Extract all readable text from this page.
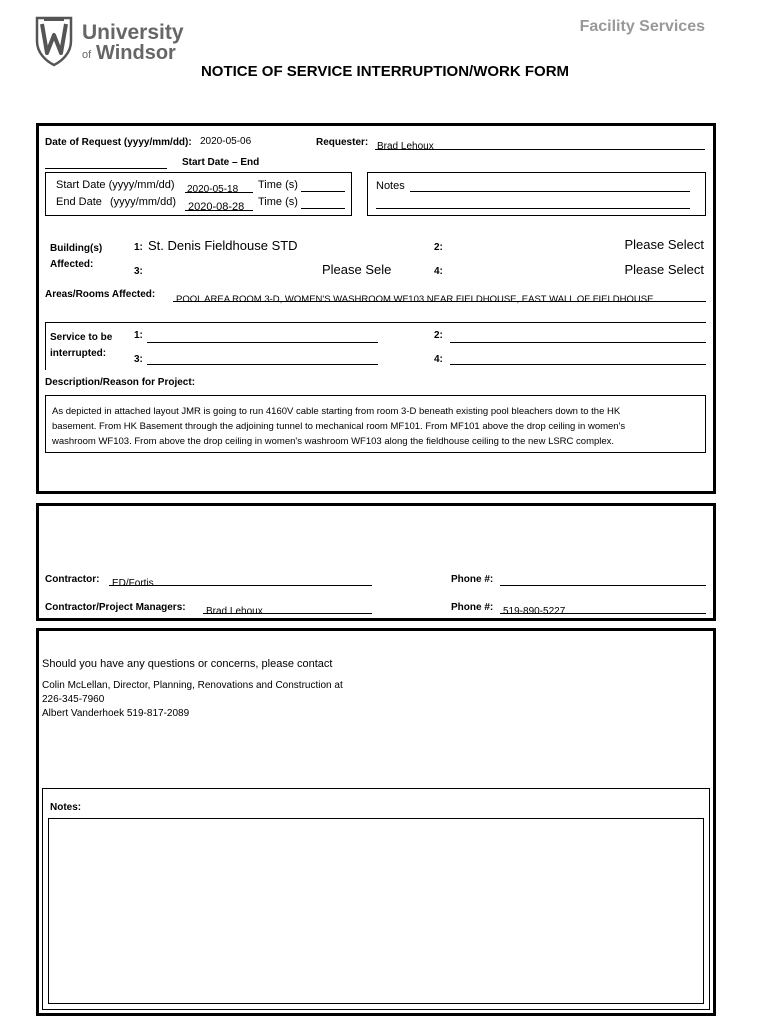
University
of Windsor
Facility Services
NOTICE OF SERVICE INTERRUPTION/WORK FORM
Date of Request (yyyy/mm/dd): 2020-05-06	Requester: Brad Lehoux
Start Date – End
Start Date (yyyy/mm/dd) 2020-05-18	Time (s)
End Date (yyyy/mm/dd) 2020-08-28	Time (s)
Notes
Building(s)
Affected:
1: St. Denis Fieldhouse STD	2:	Please Select
3:	Please Sele	4:	Please Select
Areas/Rooms Affected:	POOL AREA ROOM 3-D, WOMEN'S WASHROOM WF103 NEAR FIELDHOUSE, EAST WALL OF FIELDHOUSE
Service to be
interrupted:
1:	2:
3:	4:
Description/Reason for Project:
As depicted in attached layout JMR is going to run 4160V cable starting from room 3-D beneath existing pool bleachers down to the HK
basement. From HK Basement through the adjoining tunnel to mechanical room MF101. From MF101 above the drop ceiling in women's
washroom WF103. From above the drop ceiling in women's washroom WF103 along the fieldhouse ceiling to the new LSRC complex.
Contractor:	ED/Fortis	Phone #:
Contractor/Project Managers:	Brad Lehoux	Phone #: 519-890-5227
Should you have any questions or concerns, please contact
Colin McLellan, Director, Planning, Renovations and Construction at
226-345-7960
Albert Vanderhoek 519-817-2089
Notes:
